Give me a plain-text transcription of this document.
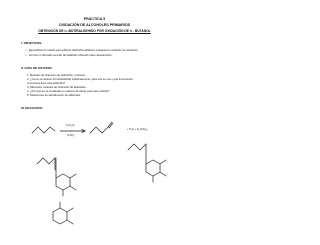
PRÁCTICA 5
OXIDACIÓN DE ALCOHOLES PRIMARIOS
OBTENCIÓN DE n -BUTIRALDEHIDO POR OXIDACIÓN DE n - BUTANOL
I. OBJETIVOS.
✓ Ejemplificar el método para obtener aldehídos alifáticos mediante la oxidación de alcoholes.
✓ Formar un derivado sencillo del aldehído obtenido para caracterizarlo.
II. GUÍA DE ESTUDIO.
1. Métodos de obtención de aldehídos y cetonas.
2. ¿Cómo se obtiene el butiraldehído industrialmente, para qué se usa y qué importancia
económica tiene este aldehído?
3. Diferentes métodos de obtención de aldehídos.
4. ¿Por qué se ha empleado un sistema de reflujo para este método?
5. Reacciones de identificación de aldehídos.
III. REACCIÓN.
K₂Cr₂O₇
H₂SO₄
+ H₂O + Cr₂(SO₄)₃
